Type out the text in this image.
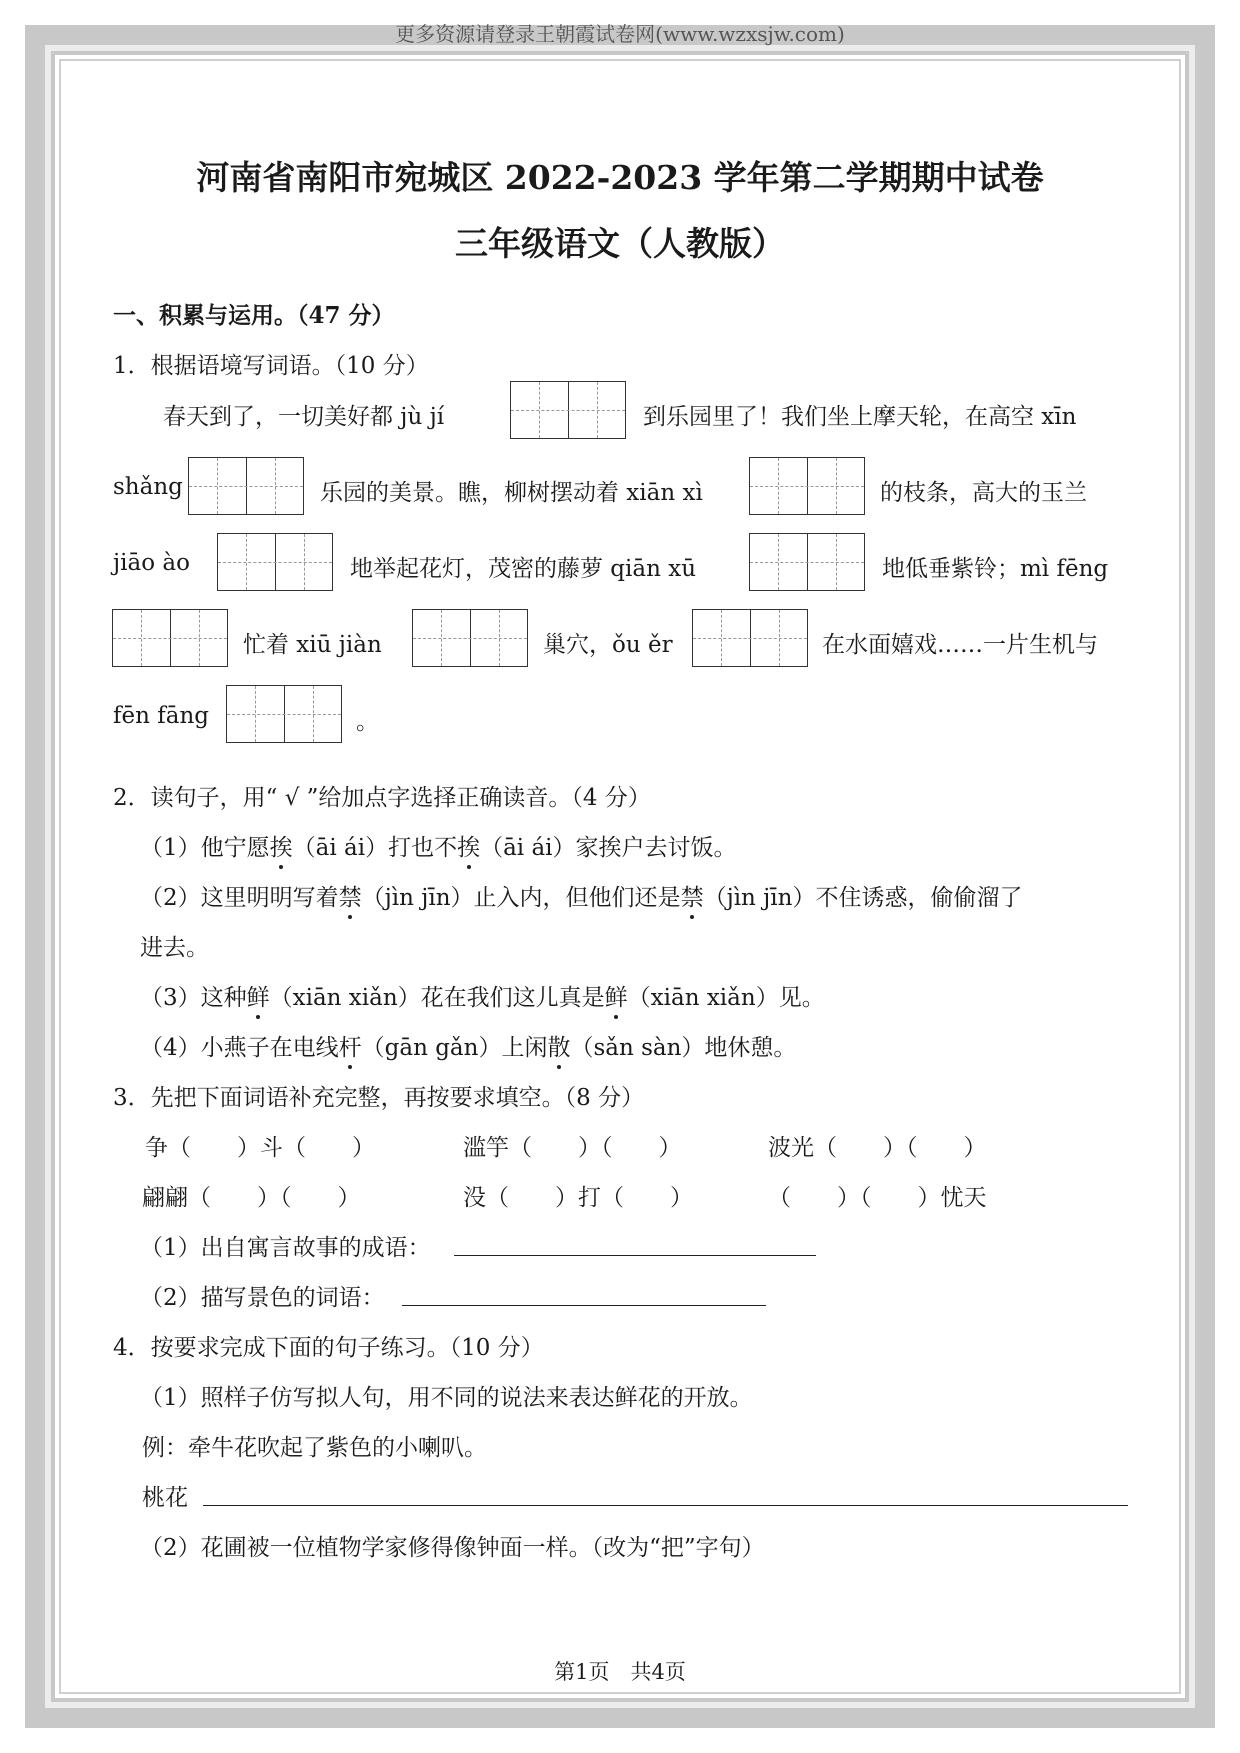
更多资源请登录王朝霞试卷网(www.wzxsjw.com)
河南省南阳市宛城区 2022-2023 学年第二学期期中试卷
三年级语文（人教版）
一、积累与运用。（47 分）
1．根据语境写词语。（10 分）
春天到了，一切美好都 jù jí	到乐园里了！我们坐上摩天轮，在高空 xīn
shǎng	乐园的美景。瞧，柳树摆动着 xiān xì	的枝条，高大的玉兰
jiāo ào	地举起花灯，茂密的藤萝 qiān xū	地低垂紫铃；mì fēng
忙着 xiū jiàn	巢穴，ǒu ěr	在水面嬉戏……一片生机与
fēn fāng	。
2．读句子，用“ √ ”给加点字选择正确读音。（4 分）
（1）他宁愿挨（āi ái）打也不挨（āi ái）家挨户去讨饭。
（2）这里明明写着禁（jìn jīn）止入内，但他们还是禁（jìn jīn）不住诱惑，偷偷溜了
进去。
（3）这种鲜（xiān xiǎn）花在我们这儿真是鲜（xiān xiǎn）见。
（4）小燕子在电线杆（gān gǎn）上闲散（sǎn sàn）地休憩。
3．先把下面词语补充完整，再按要求填空。（8 分）
争（　　）斗（　　）	滥竽（　　）（　　）	波光（　　）（　　）
翩翩（　　）（　　）	没（　　）打（　　）	（　　）（　　）忧天
（1）出自寓言故事的成语：
（2）描写景色的词语：
4．按要求完成下面的句子练习。（10 分）
（1）照样子仿写拟人句，用不同的说法来表达鲜花的开放。
例：牵牛花吹起了紫色的小喇叭。
桃花
（2）花圃被一位植物学家修得像钟面一样。（改为“把”字句）
第1页　共4页
